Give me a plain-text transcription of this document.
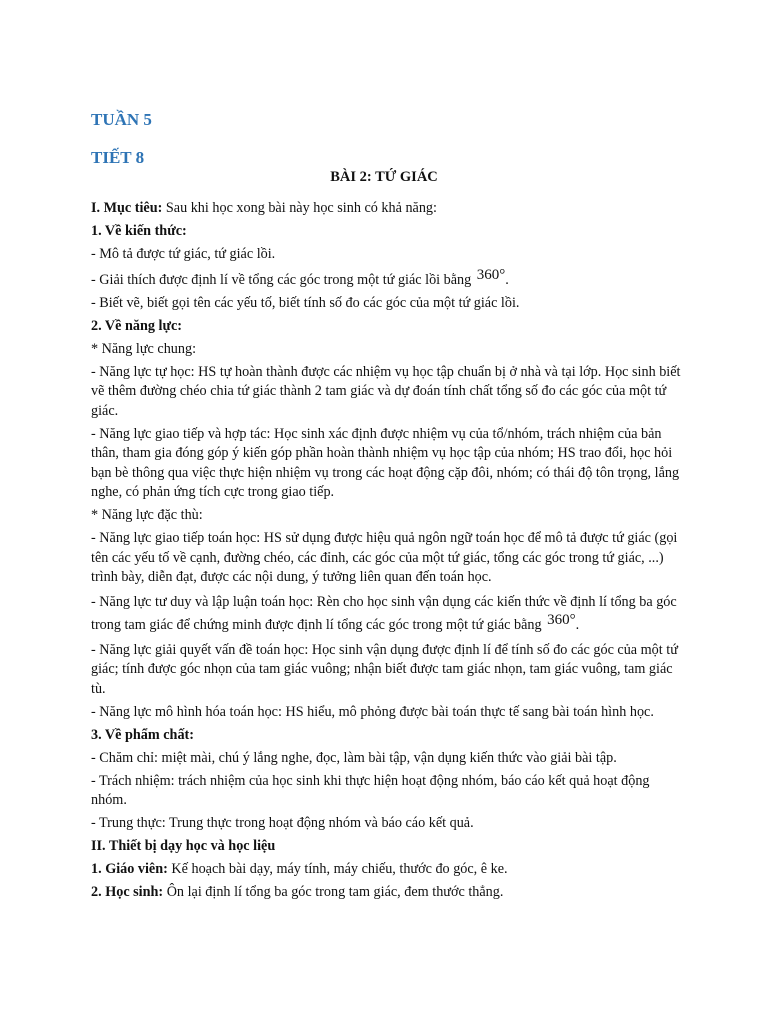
TUẦN 5
TIẾT 8
BÀI 2: TỨ GIÁC

I. Mục tiêu: Sau khi học xong bài này học sinh có khả năng:

1. Về kiến thức:

- Mô tả được tứ giác, tứ giác lồi.

- Giải thích được định lí về tổng các góc trong một tứ giác lồi bằng 360°.

- Biết vẽ, biết gọi tên các yếu tố, biết tính số đo các góc của một tứ giác lồi.

2. Về năng lực:

* Năng lực chung:

- Năng lực tự học: HS tự hoàn thành được các nhiệm vụ học tập chuẩn bị ở nhà và tại lớp. Học sinh biết vẽ thêm đường chéo chia tứ giác thành 2 tam giác và dự đoán tính chất tổng số đo các góc của một tứ giác.

- Năng lực giao tiếp và hợp tác: Học sinh xác định được nhiệm vụ của tổ/nhóm, trách nhiệm của bản thân, tham gia đóng góp ý kiến góp phần hoàn thành nhiệm vụ học tập của nhóm; HS trao đổi, học hỏi bạn bè thông qua việc thực hiện nhiệm vụ trong các hoạt động cặp đôi, nhóm; có thái độ tôn trọng, lắng nghe, có phản ứng tích cực trong giao tiếp.

* Năng lực đặc thù:

- Năng lực giao tiếp toán học: HS sử dụng được hiệu quả ngôn ngữ toán học để mô tả được tứ giác (gọi tên các yếu tố về cạnh, đường chéo, các đỉnh, các góc của một tứ giác, tổng các góc trong tứ giác, ...) trình bày, diễn đạt, được các nội dung, ý tưởng liên quan đến toán học.

- Năng lực tư duy và lập luận toán học: Rèn cho học sinh vận dụng các kiến thức về định lí tổng ba góc trong tam giác để chứng minh được định lí tổng các góc trong một tứ giác bằng 360°.

- Năng lực giải quyết vấn đề toán học: Học sinh vận dụng được định lí để tính số đo các góc của một tứ giác; tính được góc nhọn của tam giác vuông; nhận biết được tam giác nhọn, tam giác vuông, tam giác tù.

- Năng lực mô hình hóa toán học: HS hiểu, mô phỏng được bài toán thực tế sang bài toán hình học.

3. Về phẩm chất:

- Chăm chỉ: miệt mài, chú ý lắng nghe, đọc, làm bài tập, vận dụng kiến thức vào giải bài tập.

- Trách nhiệm: trách nhiệm của học sinh khi thực hiện hoạt động nhóm, báo cáo kết quả hoạt động nhóm.

- Trung thực: Trung thực trong hoạt động nhóm và báo cáo kết quả.

II. Thiết bị dạy học và học liệu

1. Giáo viên: Kế hoạch bài dạy, máy tính, máy chiếu, thước đo góc, ê ke.

2. Học sinh: Ôn lại định lí tổng ba góc trong tam giác, đem thước thẳng.
